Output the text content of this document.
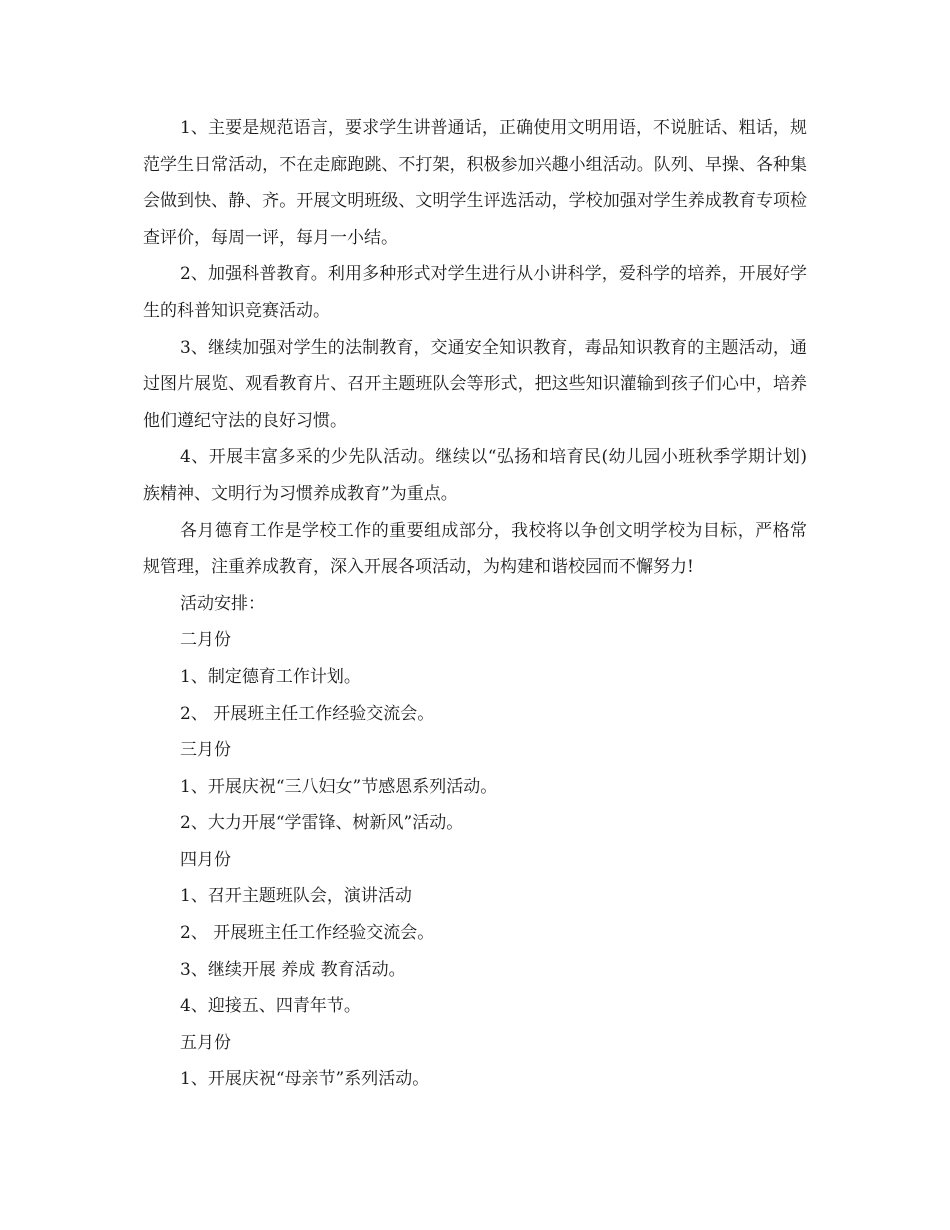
1、主要是规范语言，要求学生讲普通话，正确使用文明用语，不说脏话、粗话，规范学生日常活动，不在走廊跑跳、不打架，积极参加兴趣小组活动。队列、早操、各种集会做到快、静、齐。开展文明班级、文明学生评选活动，学校加强对学生养成教育专项检查评价，每周一评，每月一小结。

2、加强科普教育。利用多种形式对学生进行从小讲科学，爱科学的培养，开展好学生的科普知识竞赛活动。

3、继续加强对学生的法制教育，交通安全知识教育，毒品知识教育的主题活动，通过图片展览、观看教育片、召开主题班队会等形式，把这些知识灌输到孩子们心中，培养他们遵纪守法的良好习惯。

4、开展丰富多采的少先队活动。继续以“弘扬和培育民(幼儿园小班秋季学期计划)族精神、文明行为习惯养成教育”为重点。

各月德育工作是学校工作的重要组成部分，我校将以争创文明学校为目标，严格常规管理，注重养成教育，深入开展各项活动，为构建和谐校园而不懈努力!

活动安排：

二月份

1、制定德育工作计划。

2、 开展班主任工作经验交流会。

三月份

1、开展庆祝“三八妇女”节感恩系列活动。

2、大力开展“学雷锋、树新风”活动。

四月份

1、召开主题班队会，演讲活动

2、 开展班主任工作经验交流会。

3、继续开展 养成 教育活动。

4、迎接五、四青年节。

五月份

1、开展庆祝“母亲节”系列活动。
